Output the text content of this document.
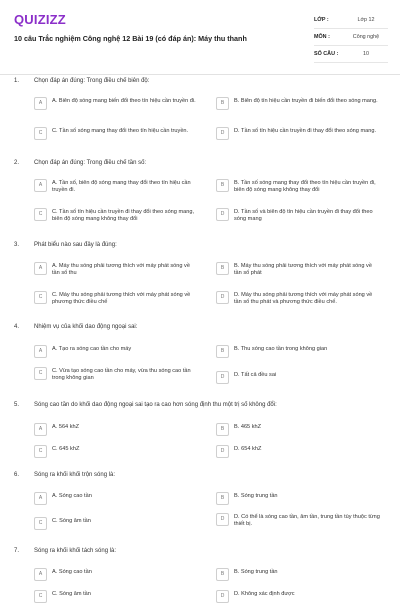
QUIZIZZ
10 câu Trắc nghiệm Công nghệ 12 Bài 19 (có đáp án): Máy thu thanh
LỚP :	Lớp 12
MÔN :	Công nghệ
SỐ CÂU :	10
1. Chọn đáp án đúng: Trong điều chế biên độ:
A	A. Biên độ sóng mang biến đổi theo tín hiệu cần truyền đi.	B	B. Biên độ tín hiệu cần truyền đi biến đổi theo sóng mang.
C	C. Tần số sóng mang thay đổi theo tín hiệu cần truyền.	D	D. Tần số tín hiệu cần truyền đi thay đổi theo sóng mang.
2. Chọn đáp án đúng: Trong điều chế tần số:
A	A. Tần số, biên độ sóng mang thay đổi theo tín hiệu cần truyền đi.
B	B. Tần số sóng mang thay đổi theo tín hiệu cần truyền đi, biên độ sóng mang không thay đổi
C	C. Tần số tín hiệu cần truyền đi thay đổi theo sóng mang, biên độ sóng mang không thay đổi
D	D. Tần số và biên độ tín hiệu cần truyền đi thay đổi theo sóng mang
3. Phát biểu nào sau đây là đúng:
A	A. Máy thu sóng phải tương thích với máy phát sóng về tần số thu
B	B. Máy thu sóng phải tương thích với máy phát sóng về tần số phát
C	C. Máy thu sóng phải tương thích với máy phát sóng về phương thức điều chế
D	D. Máy thu sóng phải tương thích với máy phát sóng về tần số thu phát và phương thức điều chế.
4. Nhiệm vụ của khối dao động ngoại sai:
A	A. Tạo ra sóng cao tần cho máy	B	B. Thu sóng cao tần trong không gian
C	C. Vừa tạo sóng cao tần cho máy, vừa thu sóng cao tần trong không gian	D	D. Tất cả đều sai
5. Sóng cao tần do khối dao động ngoại sai tạo ra cao hơn sóng định thu một trị số không đổi:
A	A. 564 khZ	B	B. 465 khZ
C	C. 645 khZ	D	D. 654 khZ
6. Sóng ra khối khối trộn sóng là:
A	A. Sóng cao tần	B	B. Sóng trung tần
C	C. Sóng âm tần	D	D. Có thể là sóng cao tần, âm tần, trung tần tùy thuộc từng thiết bị.
7. Sóng ra khối khối tách sóng là:
A	A. Sóng cao tần	B	B. Sóng trung tần
C	C. Sóng âm tần	D	D. Không xác định được
